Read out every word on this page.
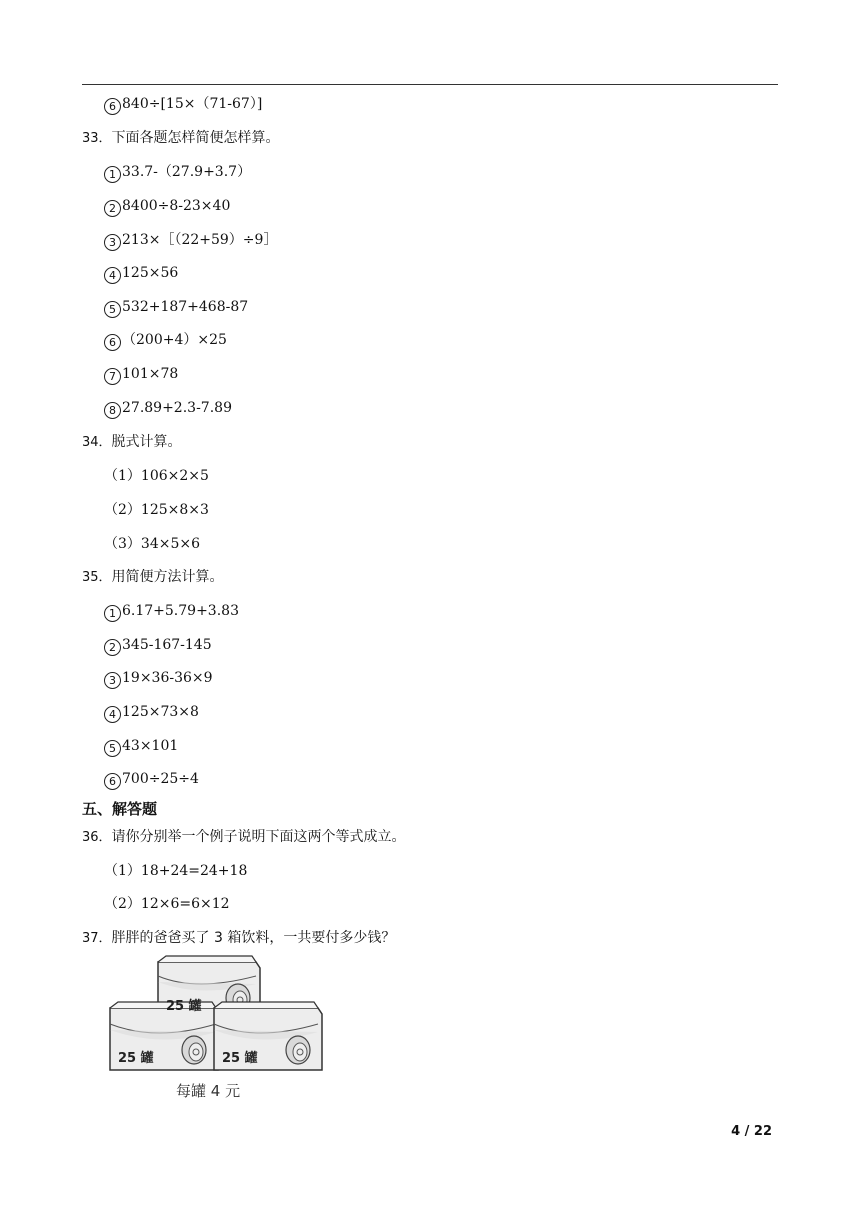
6 840÷[15×（71-67）]
33．下面各题怎样简便怎样算。
1 33.7-（27.9+3.7）
2 8400÷8-23×40
3 213×［（22+59）÷9］
4 125×56
5 532+187+468-87
6 （200+4）×25
7 101×78
8 27.89+2.3-7.89
34．脱式计算。
（1）106×2×5
（2）125×8×3
（3）34×5×6
35．用简便方法计算。
1 6.17+5.79+3.83
2 345-167-145
3 19×36-36×9
4 125×73×8
5 43×101
6 700÷25÷4
五、解答题
36．请你分别举一个例子说明下面这两个等式成立。
（1）18+24=24+18
（2）12×6=6×12
37．胖胖的爸爸买了 3 箱饮料，一共要付多少钱？
25 罐
25 罐	25 罐
每罐 4 元
4 / 22
